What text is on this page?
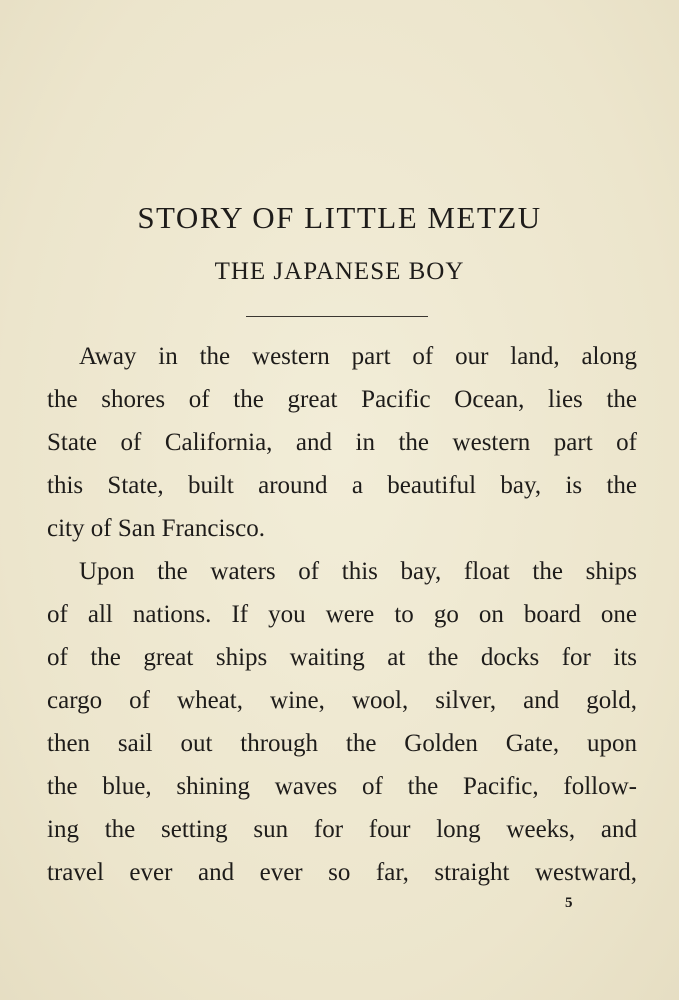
STORY OF LITTLE METZU
THE JAPANESE BOY
Away in the western part of our land, along
the shores of the great Pacific Ocean, lies the
State of California, and in the western part of
this State, built around a beautiful bay, is the
city of San Francisco.
Upon the waters of this bay, float the ships
of all nations. If you were to go on board one
of the great ships waiting at the docks for its
cargo of wheat, wine, wool, silver, and gold,
then sail out through the Golden Gate, upon
the blue, shining waves of the Pacific, follow-
ing the setting sun for four long weeks, and
travel ever and ever so far, straight westward,
5
